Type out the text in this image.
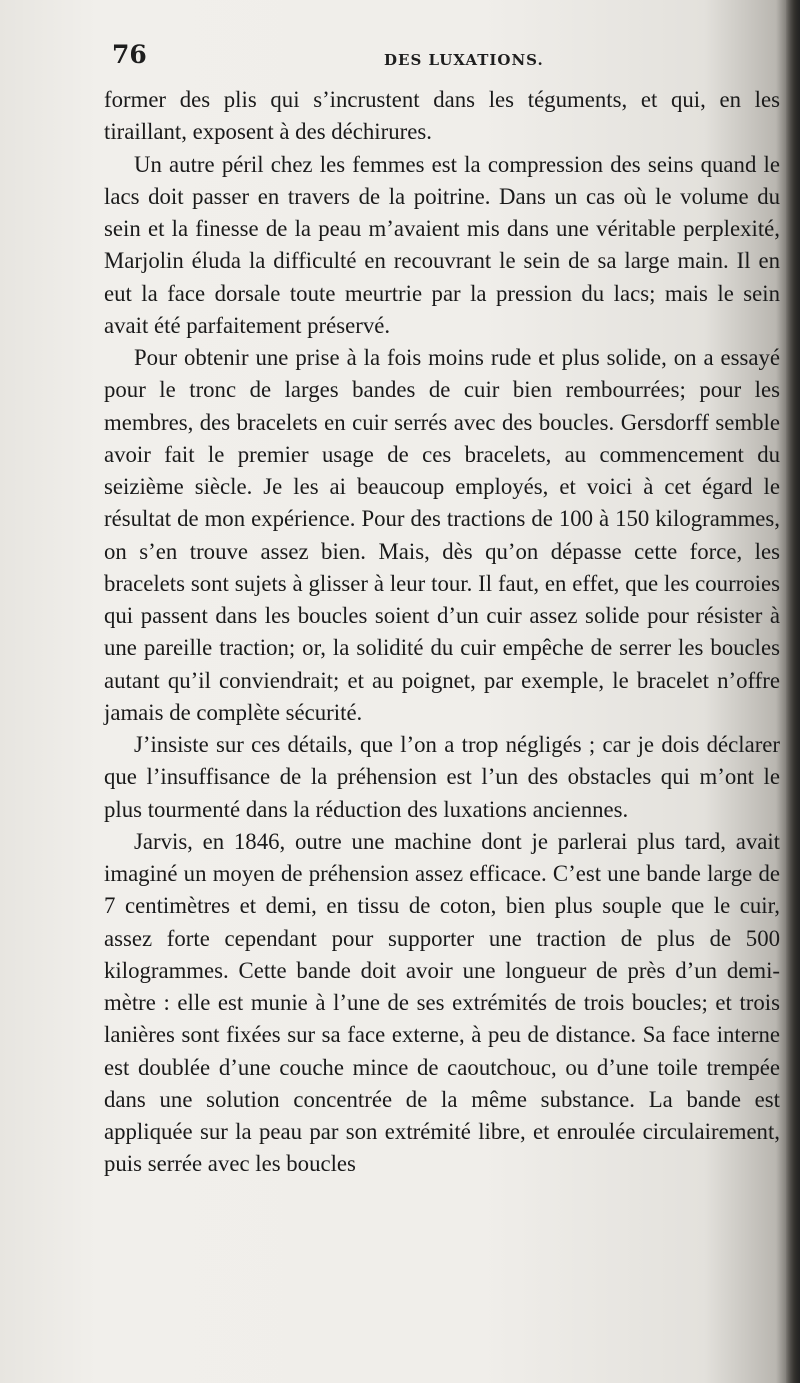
76	DES LUXATIONS.

former des plis qui s’incrustent dans les téguments, et qui, en les tiraillant, exposent à des déchirures.

Un autre péril chez les femmes est la compression des seins quand le lacs doit passer en travers de la poitrine. Dans un cas où le volume du sein et la finesse de la peau m’avaient mis dans une véritable perplexité, Marjolin éluda la difficulté en recouvrant le sein de sa large main. Il en eut la face dorsale toute meurtrie par la pression du lacs; mais le sein avait été parfaitement préservé.

Pour obtenir une prise à la fois moins rude et plus solide, on a essayé pour le tronc de larges bandes de cuir bien rembourrées; pour les membres, des bracelets en cuir serrés avec des boucles. Gersdorff semble avoir fait le premier usage de ces bracelets, au commencement du seizième siècle. Je les ai beaucoup employés, et voici à cet égard le résultat de mon expérience. Pour des tractions de 100 à 150 kilogrammes, on s’en trouve assez bien. Mais, dès qu’on dépasse cette force, les bracelets sont sujets à glisser à leur tour. Il faut, en effet, que les courroies qui passent dans les boucles soient d’un cuir assez solide pour résister à une pareille traction; or, la solidité du cuir empêche de serrer les boucles autant qu’il conviendrait; et au poignet, par exemple, le bracelet n’offre jamais de complète sécurité.

J’insiste sur ces détails, que l’on a trop négligés ; car je dois déclarer que l’insuffisance de la préhension est l’un des obstacles qui m’ont le plus tourmenté dans la réduction des luxations anciennes.

Jarvis, en 1846, outre une machine dont je parlerai plus tard, avait imaginé un moyen de préhension assez efficace. C’est une bande large de 7 centimètres et demi, en tissu de coton, bien plus souple que le cuir, assez forte cependant pour supporter une traction de plus de 500 kilogrammes. Cette bande doit avoir une longueur de près d’un demi-mètre : elle est munie à l’une de ses extrémités de trois boucles; et trois lanières sont fixées sur sa face externe, à peu de distance. Sa face interne est doublée d’une couche mince de caoutchouc, ou d’une toile trempée dans une solution concentrée de la même substance. La bande est appliquée sur la peau par son extrémité libre, et enroulée circulairement, puis serrée avec les boucles
